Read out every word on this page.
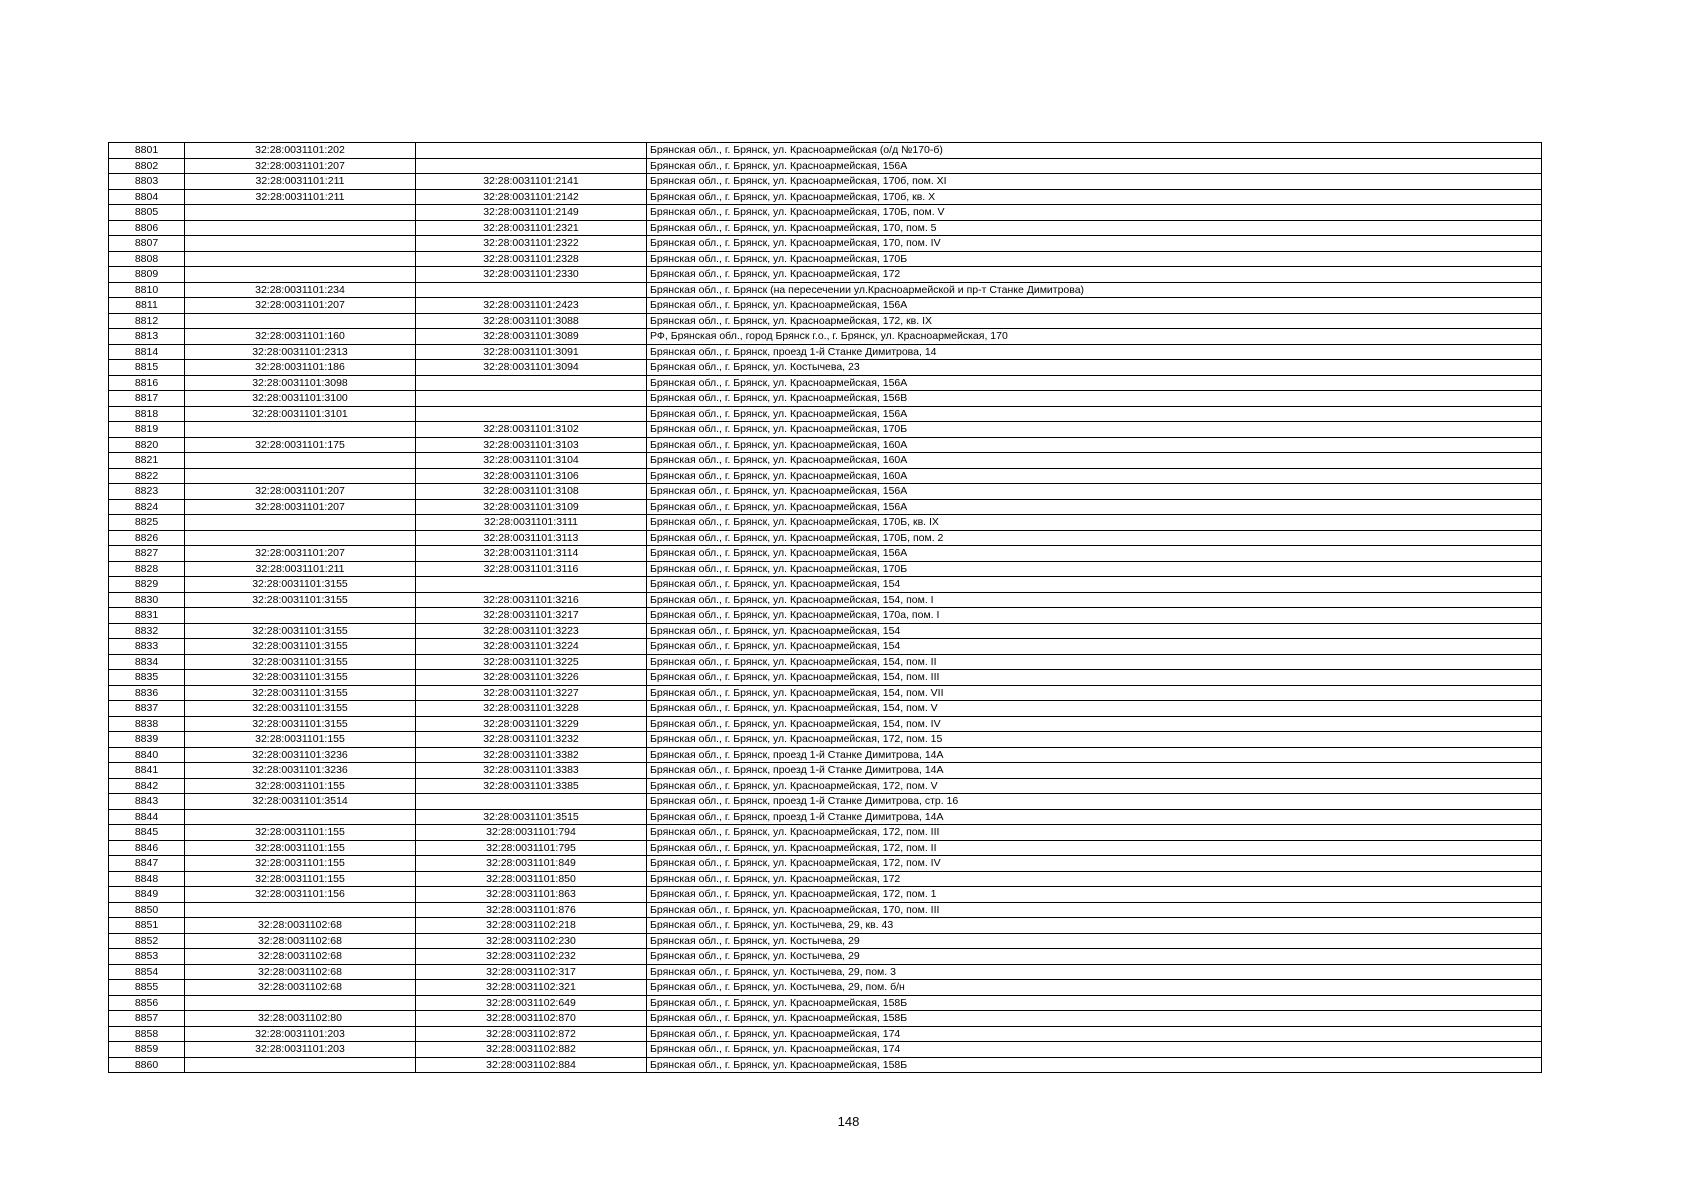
8801	32:28:0031101:202		Брянская обл., г. Брянск, ул. Красноармейская (о/д №170-б)
8802	32:28:0031101:207		Брянская обл., г. Брянск, ул. Красноармейская, 156А
8803	32:28:0031101:211	32:28:0031101:2141	Брянская обл., г. Брянск, ул. Красноармейская, 170б, пом. XI
8804	32:28:0031101:211	32:28:0031101:2142	Брянская обл., г. Брянск, ул. Красноармейская, 170б, кв. X
8805		32:28:0031101:2149	Брянская обл., г. Брянск, ул. Красноармейская, 170Б, пом. V
8806		32:28:0031101:2321	Брянская обл., г. Брянск, ул. Красноармейская, 170, пом. 5
8807		32:28:0031101:2322	Брянская обл., г. Брянск, ул. Красноармейская, 170, пом. IV
8808		32:28:0031101:2328	Брянская обл., г. Брянск, ул. Красноармейская, 170Б
8809		32:28:0031101:2330	Брянская обл., г. Брянск, ул. Красноармейская, 172
8810	32:28:0031101:234		Брянская обл., г. Брянск (на пересечении ул.Красноармейской и пр-т Станке Димитрова)
8811	32:28:0031101:207	32:28:0031101:2423	Брянская обл., г. Брянск, ул. Красноармейская, 156А
8812		32:28:0031101:3088	Брянская обл., г. Брянск, ул. Красноармейская, 172, кв. IX
8813	32:28:0031101:160	32:28:0031101:3089	РФ, Брянская обл., город Брянск г.о., г. Брянск, ул. Красноармейская, 170
8814	32:28:0031101:2313	32:28:0031101:3091	Брянская обл., г. Брянск, проезд 1-й Станке Димитрова, 14
8815	32:28:0031101:186	32:28:0031101:3094	Брянская обл., г. Брянск, ул. Костычева, 23
8816	32:28:0031101:3098		Брянская обл., г. Брянск, ул. Красноармейская, 156А
8817	32:28:0031101:3100		Брянская обл., г. Брянск, ул. Красноармейская, 156В
8818	32:28:0031101:3101		Брянская обл., г. Брянск, ул. Красноармейская, 156А
8819		32:28:0031101:3102	Брянская обл., г. Брянск, ул. Красноармейская, 170Б
8820	32:28:0031101:175	32:28:0031101:3103	Брянская обл., г. Брянск, ул. Красноармейская, 160А
8821		32:28:0031101:3104	Брянская обл., г. Брянск, ул. Красноармейская, 160А
8822		32:28:0031101:3106	Брянская обл., г. Брянск, ул. Красноармейская, 160А
8823	32:28:0031101:207	32:28:0031101:3108	Брянская обл., г. Брянск, ул. Красноармейская, 156А
8824	32:28:0031101:207	32:28:0031101:3109	Брянская обл., г. Брянск, ул. Красноармейская, 156А
8825		32:28:0031101:3111	Брянская обл., г. Брянск, ул. Красноармейская, 170Б, кв. IX
8826		32:28:0031101:3113	Брянская обл., г. Брянск, ул. Красноармейская, 170Б, пом. 2
8827	32:28:0031101:207	32:28:0031101:3114	Брянская обл., г. Брянск, ул. Красноармейская, 156А
8828	32:28:0031101:211	32:28:0031101:3116	Брянская обл., г. Брянск, ул. Красноармейская, 170Б
8829	32:28:0031101:3155		Брянская обл., г. Брянск, ул. Красноармейская, 154
8830	32:28:0031101:3155	32:28:0031101:3216	Брянская обл., г. Брянск, ул. Красноармейская, 154, пом. I
8831		32:28:0031101:3217	Брянская обл., г. Брянск, ул. Красноармейская, 170а, пом. I
8832	32:28:0031101:3155	32:28:0031101:3223	Брянская обл., г. Брянск, ул. Красноармейская, 154
8833	32:28:0031101:3155	32:28:0031101:3224	Брянская обл., г. Брянск, ул. Красноармейская, 154
8834	32:28:0031101:3155	32:28:0031101:3225	Брянская обл., г. Брянск, ул. Красноармейская, 154, пом. II
8835	32:28:0031101:3155	32:28:0031101:3226	Брянская обл., г. Брянск, ул. Красноармейская, 154, пом. III
8836	32:28:0031101:3155	32:28:0031101:3227	Брянская обл., г. Брянск, ул. Красноармейская, 154, пом. VII
8837	32:28:0031101:3155	32:28:0031101:3228	Брянская обл., г. Брянск, ул. Красноармейская, 154, пом. V
8838	32:28:0031101:3155	32:28:0031101:3229	Брянская обл., г. Брянск, ул. Красноармейская, 154, пом. IV
8839	32:28:0031101:155	32:28:0031101:3232	Брянская обл., г. Брянск, ул. Красноармейская, 172, пом. 15
8840	32:28:0031101:3236	32:28:0031101:3382	Брянская обл., г. Брянск, проезд 1-й Станке Димитрова, 14А
8841	32:28:0031101:3236	32:28:0031101:3383	Брянская обл., г. Брянск, проезд 1-й Станке Димитрова, 14А
8842	32:28:0031101:155	32:28:0031101:3385	Брянская обл., г. Брянск, ул. Красноармейская, 172, пом. V
8843	32:28:0031101:3514		Брянская обл., г. Брянск, проезд 1-й Станке Димитрова, стр. 16
8844		32:28:0031101:3515	Брянская обл., г. Брянск, проезд 1-й Станке Димитрова, 14А
8845	32:28:0031101:155	32:28:0031101:794	Брянская обл., г. Брянск, ул. Красноармейская, 172, пом. III
8846	32:28:0031101:155	32:28:0031101:795	Брянская обл., г. Брянск, ул. Красноармейская, 172, пом. II
8847	32:28:0031101:155	32:28:0031101:849	Брянская обл., г. Брянск, ул. Красноармейская, 172, пом. IV
8848	32:28:0031101:155	32:28:0031101:850	Брянская обл., г. Брянск, ул. Красноармейская, 172
8849	32:28:0031101:156	32:28:0031101:863	Брянская обл., г. Брянск, ул. Красноармейская, 172, пом. 1
8850		32:28:0031101:876	Брянская обл., г. Брянск, ул. Красноармейская, 170, пом. III
8851	32:28:0031102:68	32:28:0031102:218	Брянская обл., г. Брянск, ул. Костычева, 29, кв. 43
8852	32:28:0031102:68	32:28:0031102:230	Брянская обл., г. Брянск, ул. Костычева, 29
8853	32:28:0031102:68	32:28:0031102:232	Брянская обл., г. Брянск, ул. Костычева, 29
8854	32:28:0031102:68	32:28:0031102:317	Брянская обл., г. Брянск, ул. Костычева, 29, пом. 3
8855	32:28:0031102:68	32:28:0031102:321	Брянская обл., г. Брянск, ул. Костычева, 29, пом. б/н
8856		32:28:0031102:649	Брянская обл., г. Брянск, ул. Красноармейская, 158Б
8857	32:28:0031102:80	32:28:0031102:870	Брянская обл., г. Брянск, ул. Красноармейская, 158Б
8858	32:28:0031101:203	32:28:0031102:872	Брянская обл., г. Брянск, ул. Красноармейская, 174
8859	32:28:0031101:203	32:28:0031102:882	Брянская обл., г. Брянск, ул. Красноармейская, 174
8860		32:28:0031102:884	Брянская обл., г. Брянск, ул. Красноармейская, 158Б
148
